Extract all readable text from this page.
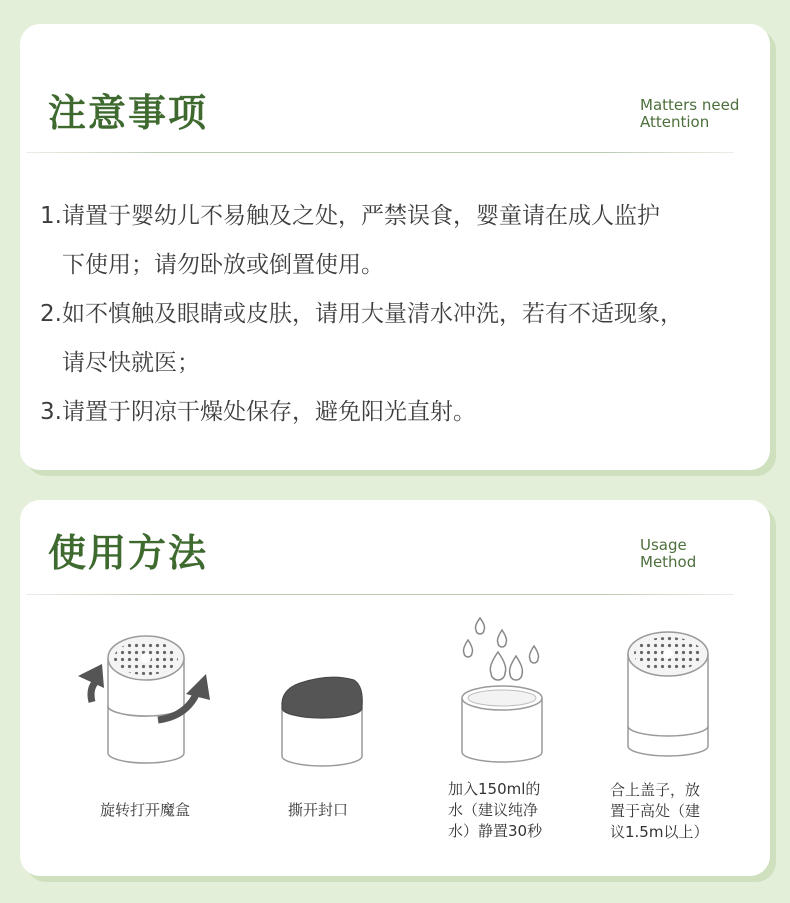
注意事项	Matters need
Attention

1.请置于婴幼儿不易触及之处，严禁误食，婴童请在成人监护
下使用；请勿卧放或倒置使用。
2.如不慎触及眼睛或皮肤，请用大量清水冲洗，若有不适现象，
请尽快就医；
3.请置于阴凉干燥处保存，避免阳光直射。
使用方法	Usage
Method

旋转打开魔盒	撕开封口
加入150ml的
水（建议纯净
水）静置30秒
合上盖子，放
置于高处（建
议1.5m以上）
